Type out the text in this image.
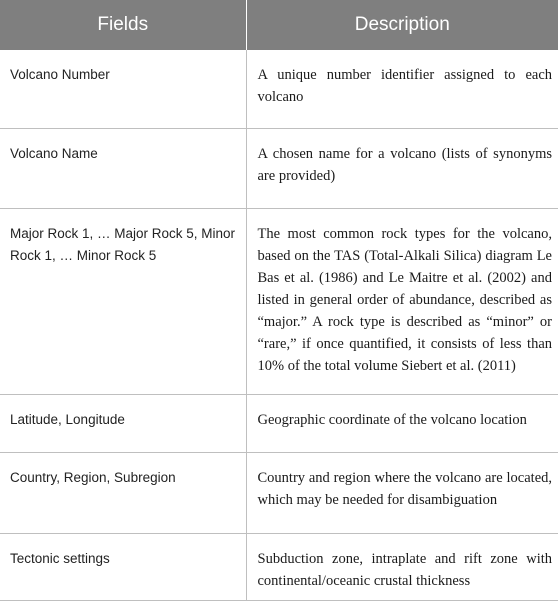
Fields	Description
Volcano Number	A unique number identifier assigned to each volcano
Volcano Name	A chosen name for a volcano (lists of synonyms are provided)
Major Rock 1, … Major Rock 5, Minor Rock 1, … Minor Rock 5	The most common rock types for the volcano, based on the TAS (Total-Alkali Silica) diagram Le Bas et al. (1986) and Le Maitre et al. (2002) and listed in general order of abundance, described as “major.” A rock type is described as “minor” or “rare,” if once quantified, it consists of less than 10% of the total volume Siebert et al. (2011)
Latitude, Longitude	Geographic coordinate of the volcano location
Country, Region, Subregion	Country and region where the volcano are located, which may be needed for disambiguation
Tectonic settings	Subduction zone, intraplate and rift zone with continental/oceanic crustal thickness
